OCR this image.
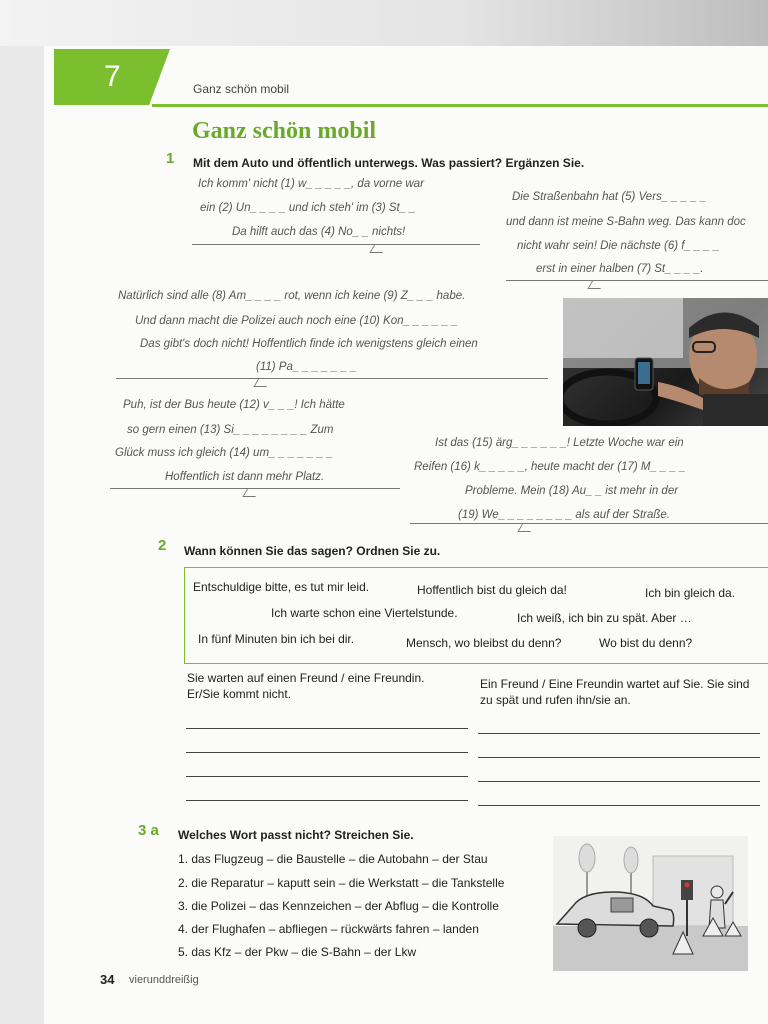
7	Ganz schön mobil
Ganz schön mobil
1 Mit dem Auto und öffentlich unterwegs. Was passiert? Ergänzen Sie.
Ich komm' nicht (1) w_ _ _ _ _, da vorne war
ein (2) Un_ _ _ _ und ich steh' im (3) St_ _
Da hilft auch das (4) No_ _ nichts!
Die Straßenbahn hat (5) Vers_ _ _ _ _
und dann ist meine S-Bahn weg. Das kann doc
nicht wahr sein! Die nächste (6) f_ _ _ _
erst in einer halben (7) St_ _ _ _.
Natürlich sind alle (8) Am_ _ _ _ rot, wenn ich keine (9) Z_ _ _ habe.
Und dann macht die Polizei auch noch eine (10) Kon_ _ _ _ _ _
Das gibt's doch nicht! Hoffentlich finde ich wenigstens gleich einen
(11) Pa_ _ _ _ _ _ _
Puh, ist der Bus heute (12) v_ _ _! Ich hätte
so gern einen (13) Si_ _ _ _ _ _ _ _ Zum
Glück muss ich gleich (14) um_ _ _ _ _ _ _
Hoffentlich ist dann mehr Platz.
Ist das (15) ärg_ _ _ _ _ _! Letzte Woche war ein
Reifen (16) k_ _ _ _ _, heute macht der (17) M_ _ _ _
Probleme. Mein (18) Au_ _ ist mehr in der
(19) We_ _ _ _ _ _ _ _ als auf der Straße.
2 Wann können Sie das sagen? Ordnen Sie zu.
Entschuldige bitte, es tut mir leid.	Hoffentlich bist du gleich da!	Ich bin gleich da.
Ich warte schon eine Viertelstunde.	Ich weiß, ich bin zu spät. Aber …
In fünf Minuten bin ich bei dir.	Mensch, wo bleibst du denn?	Wo bist du denn?
Sie warten auf einen Freund / eine Freundin.
Er/Sie kommt nicht.
Ein Freund / Eine Freundin wartet auf Sie. Sie sind
zu spät und rufen ihn/sie an.
3 a Welches Wort passt nicht? Streichen Sie.
1. das Flugzeug – die Baustelle – die Autobahn – der Stau
2. die Reparatur – kaputt sein – die Werkstatt – die Tankstelle
3. die Polizei – das Kennzeichen – der Abflug – die Kontrolle
4. der Flughafen – abfliegen – rückwärts fahren – landen
5. das Kfz – der Pkw – die S-Bahn – der Lkw
34 vierunddreißig
